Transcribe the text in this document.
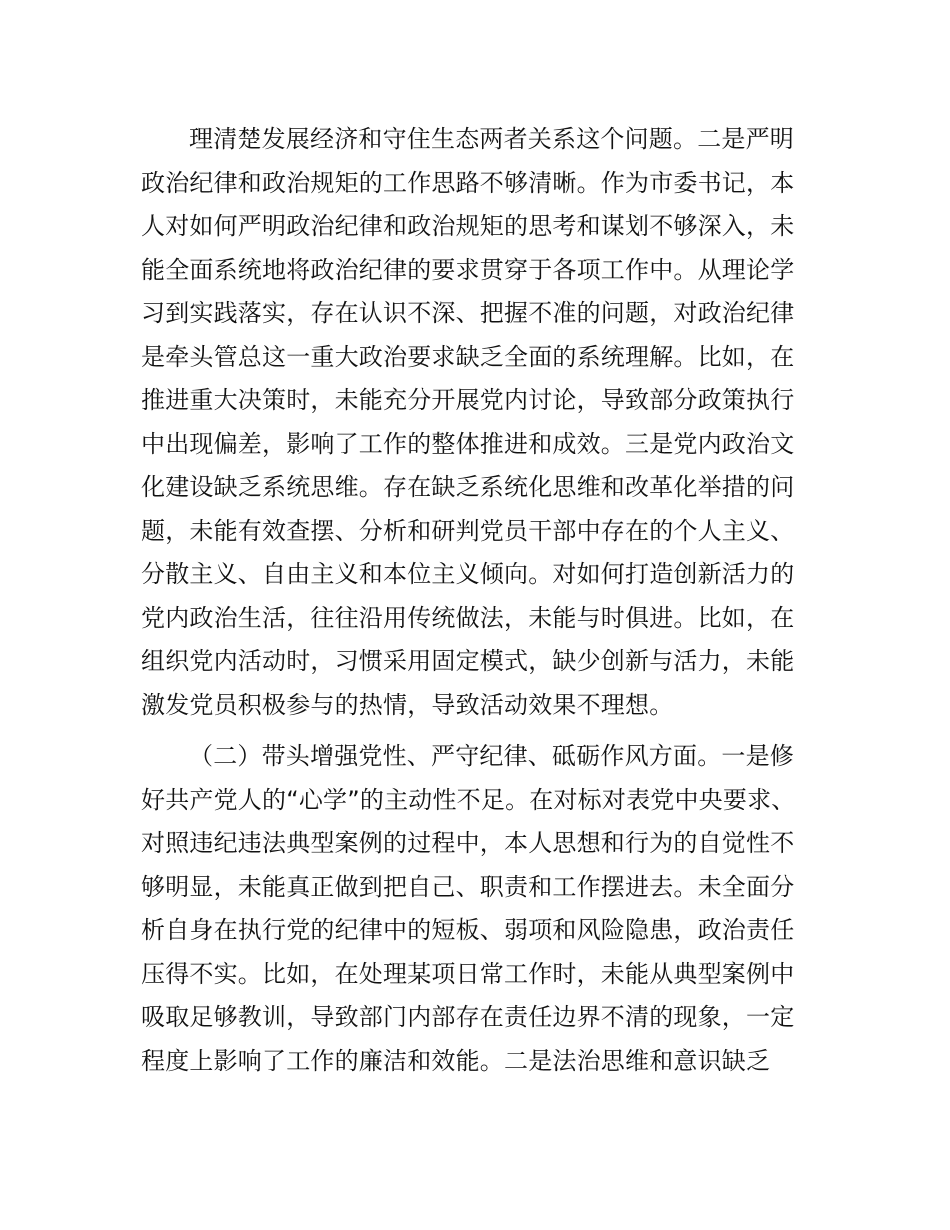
理清楚发展经济和守住生态两者关系这个问题。二是严明
政治纪律和政治规矩的工作思路不够清晰。作为市委书记，本
人对如何严明政治纪律和政治规矩的思考和谋划不够深入，未
能全面系统地将政治纪律的要求贯穿于各项工作中。从理论学
习到实践落实，存在认识不深、把握不准的问题，对政治纪律
是牵头管总这一重大政治要求缺乏全面的系统理解。比如，在
推进重大决策时，未能充分开展党内讨论，导致部分政策执行
中出现偏差，影响了工作的整体推进和成效。三是党内政治文
化建设缺乏系统思维。存在缺乏系统化思维和改革化举措的问
题，未能有效查摆、分析和研判党员干部中存在的个人主义、
分散主义、自由主义和本位主义倾向。对如何打造创新活力的
党内政治生活，往往沿用传统做法，未能与时俱进。比如，在
组织党内活动时，习惯采用固定模式，缺少创新与活力，未能
激发党员积极参与的热情，导致活动效果不理想。
（二）带头增强党性、严守纪律、砥砺作风方面。一是修
好共产党人的“心学”的主动性不足。在对标对表党中央要求、
对照违纪违法典型案例的过程中，本人思想和行为的自觉性不
够明显，未能真正做到把自己、职责和工作摆进去。未全面分
析自身在执行党的纪律中的短板、弱项和风险隐患，政治责任
压得不实。比如，在处理某项日常工作时，未能从典型案例中
吸取足够教训，导致部门内部存在责任边界不清的现象，一定
程度上影响了工作的廉洁和效能。二是法治思维和意识缺乏
